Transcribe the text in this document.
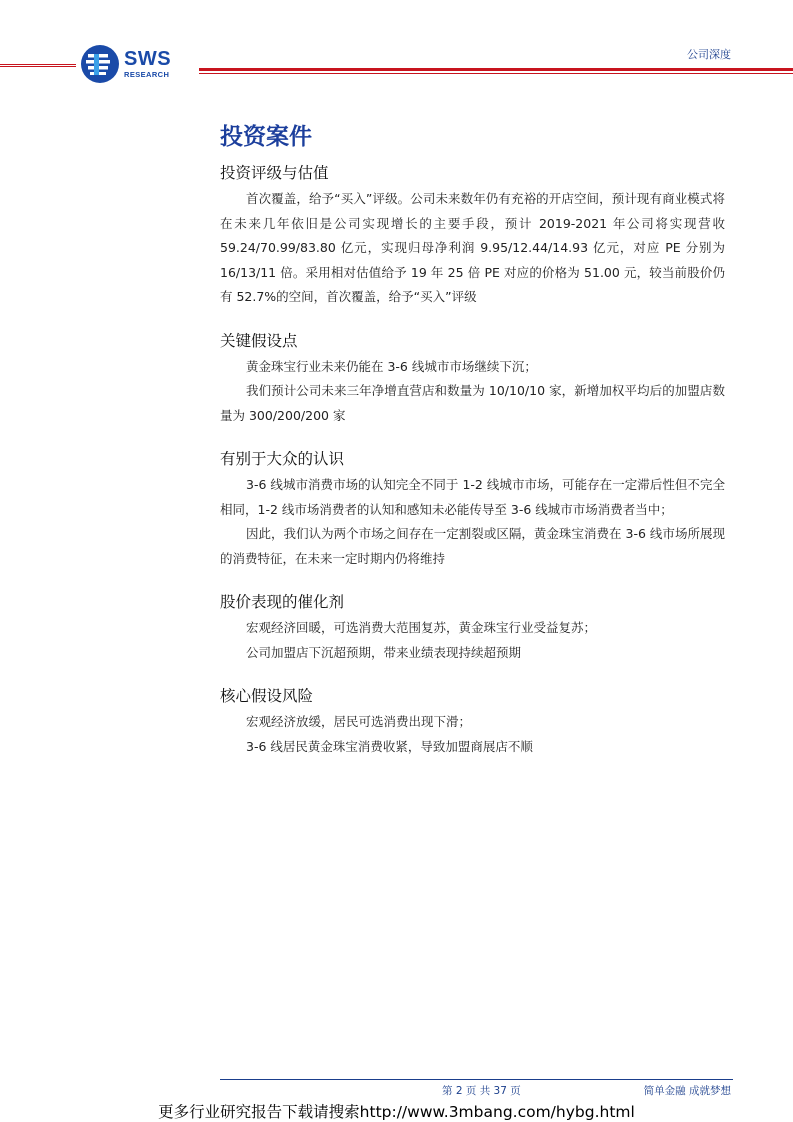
SWS
RESEARCH
公司深度
投资案件
投资评级与估值

首次覆盖，给予“买入”评级。公司未来数年仍有充裕的开店空间，预计现有商业模式将在未来几年依旧是公司实现增长的主要手段，预计 2019-2021 年公司将实现营收 59.24/70.99/83.80 亿元，实现归母净利润 9.95/12.44/14.93 亿元，对应 PE 分别为 16/13/11 倍。采用相对估值给予 19 年 25 倍 PE 对应的价格为 51.00 元，较当前股价仍有 52.7%的空间，首次覆盖，给予“买入”评级

关键假设点

黄金珠宝行业未来仍能在 3-6 线城市市场继续下沉；

我们预计公司未来三年净增直营店和数量为 10/10/10 家，新增加权平均后的加盟店数量为 300/200/200 家

有别于大众的认识

3-6 线城市消费市场的认知完全不同于 1-2 线城市市场，可能存在一定滞后性但不完全相同，1-2 线市场消费者的认知和感知未必能传导至 3-6 线城市市场消费者当中；

因此，我们认为两个市场之间存在一定割裂或区隔，黄金珠宝消费在 3-6 线市场所展现的消费特征，在未来一定时期内仍将维持

股价表现的催化剂

宏观经济回暖，可选消费大范围复苏，黄金珠宝行业受益复苏；

公司加盟店下沉超预期，带来业绩表现持续超预期

核心假设风险

宏观经济放缓，居民可选消费出现下滑；

3-6 线居民黄金珠宝消费收紧，导致加盟商展店不顺

第 2 页 共 37 页	简单金融 成就梦想
更多行业研究报告下载请搜索http://www.3mbang.com/hybg.html
